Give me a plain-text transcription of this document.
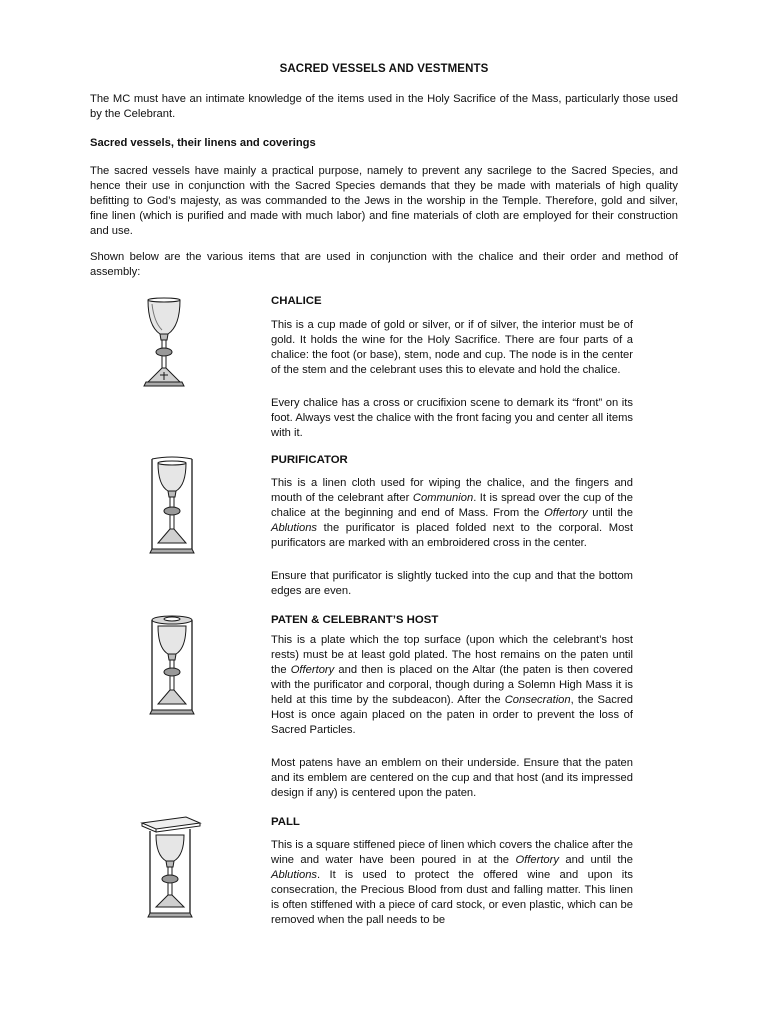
SACRED VESSELS AND VESTMENTS

The MC must have an intimate knowledge of the items used in the Holy Sacrifice of the Mass, particularly those used by the Celebrant.

Sacred vessels, their linens and coverings

The sacred vessels have mainly a practical purpose, namely to prevent any sacrilege to the Sacred Species, and hence their use in conjunction with the Sacred Species demands that they be made with materials of high quality befitting to God’s majesty, as was commanded to the Jews in the worship in the Temple. Therefore, gold and silver, fine linen (which is purified and made with much labor) and fine materials of cloth are employed for their construction and use.

Shown below are the various items that are used in conjunction with the chalice and their order and method of assembly:

CHALICE

This is a cup made of gold or silver, or if of silver, the interior must be of gold. It holds the wine for the Holy Sacrifice. There are four parts of a chalice: the foot (or base), stem, node and cup. The node is in the center of the stem and the celebrant uses this to elevate and hold the chalice.

Every chalice has a cross or crucifixion scene to demark its “front” on its foot. Always vest the chalice with the front facing you and center all items with it.

PURIFICATOR

This is a linen cloth used for wiping the chalice, and the fingers and mouth of the celebrant after Communion. It is spread over the cup of the chalice at the beginning and end of Mass. From the Offertory until the Ablutions the purificator is placed folded next to the corporal. Most purificators are marked with an embroidered cross in the center.

Ensure that purificator is slightly tucked into the cup and that the bottom edges are even.

PATEN & CELEBRANT’S HOST

This is a plate which the top surface (upon which the celebrant’s host rests) must be at least gold plated. The host remains on the paten until the Offertory and then is placed on the Altar (the paten is then covered with the purificator and corporal, though during a Solemn High Mass it is held at this time by the subdeacon). After the Consecration, the Sacred Host is once again placed on the paten in order to prevent the loss of Sacred Particles.

Most patens have an emblem on their underside. Ensure that the paten and its emblem are centered on the cup and that host (and its impressed design if any) is centered upon the paten.

PALL

This is a square stiffened piece of linen which covers the chalice after the wine and water have been poured in at the Offertory and until the Ablutions. It is used to protect the offered wine and upon its consecration, the Precious Blood from dust and falling matter. This linen is often stiffened with a piece of card stock, or even plastic, which can be removed when the pall needs to be
